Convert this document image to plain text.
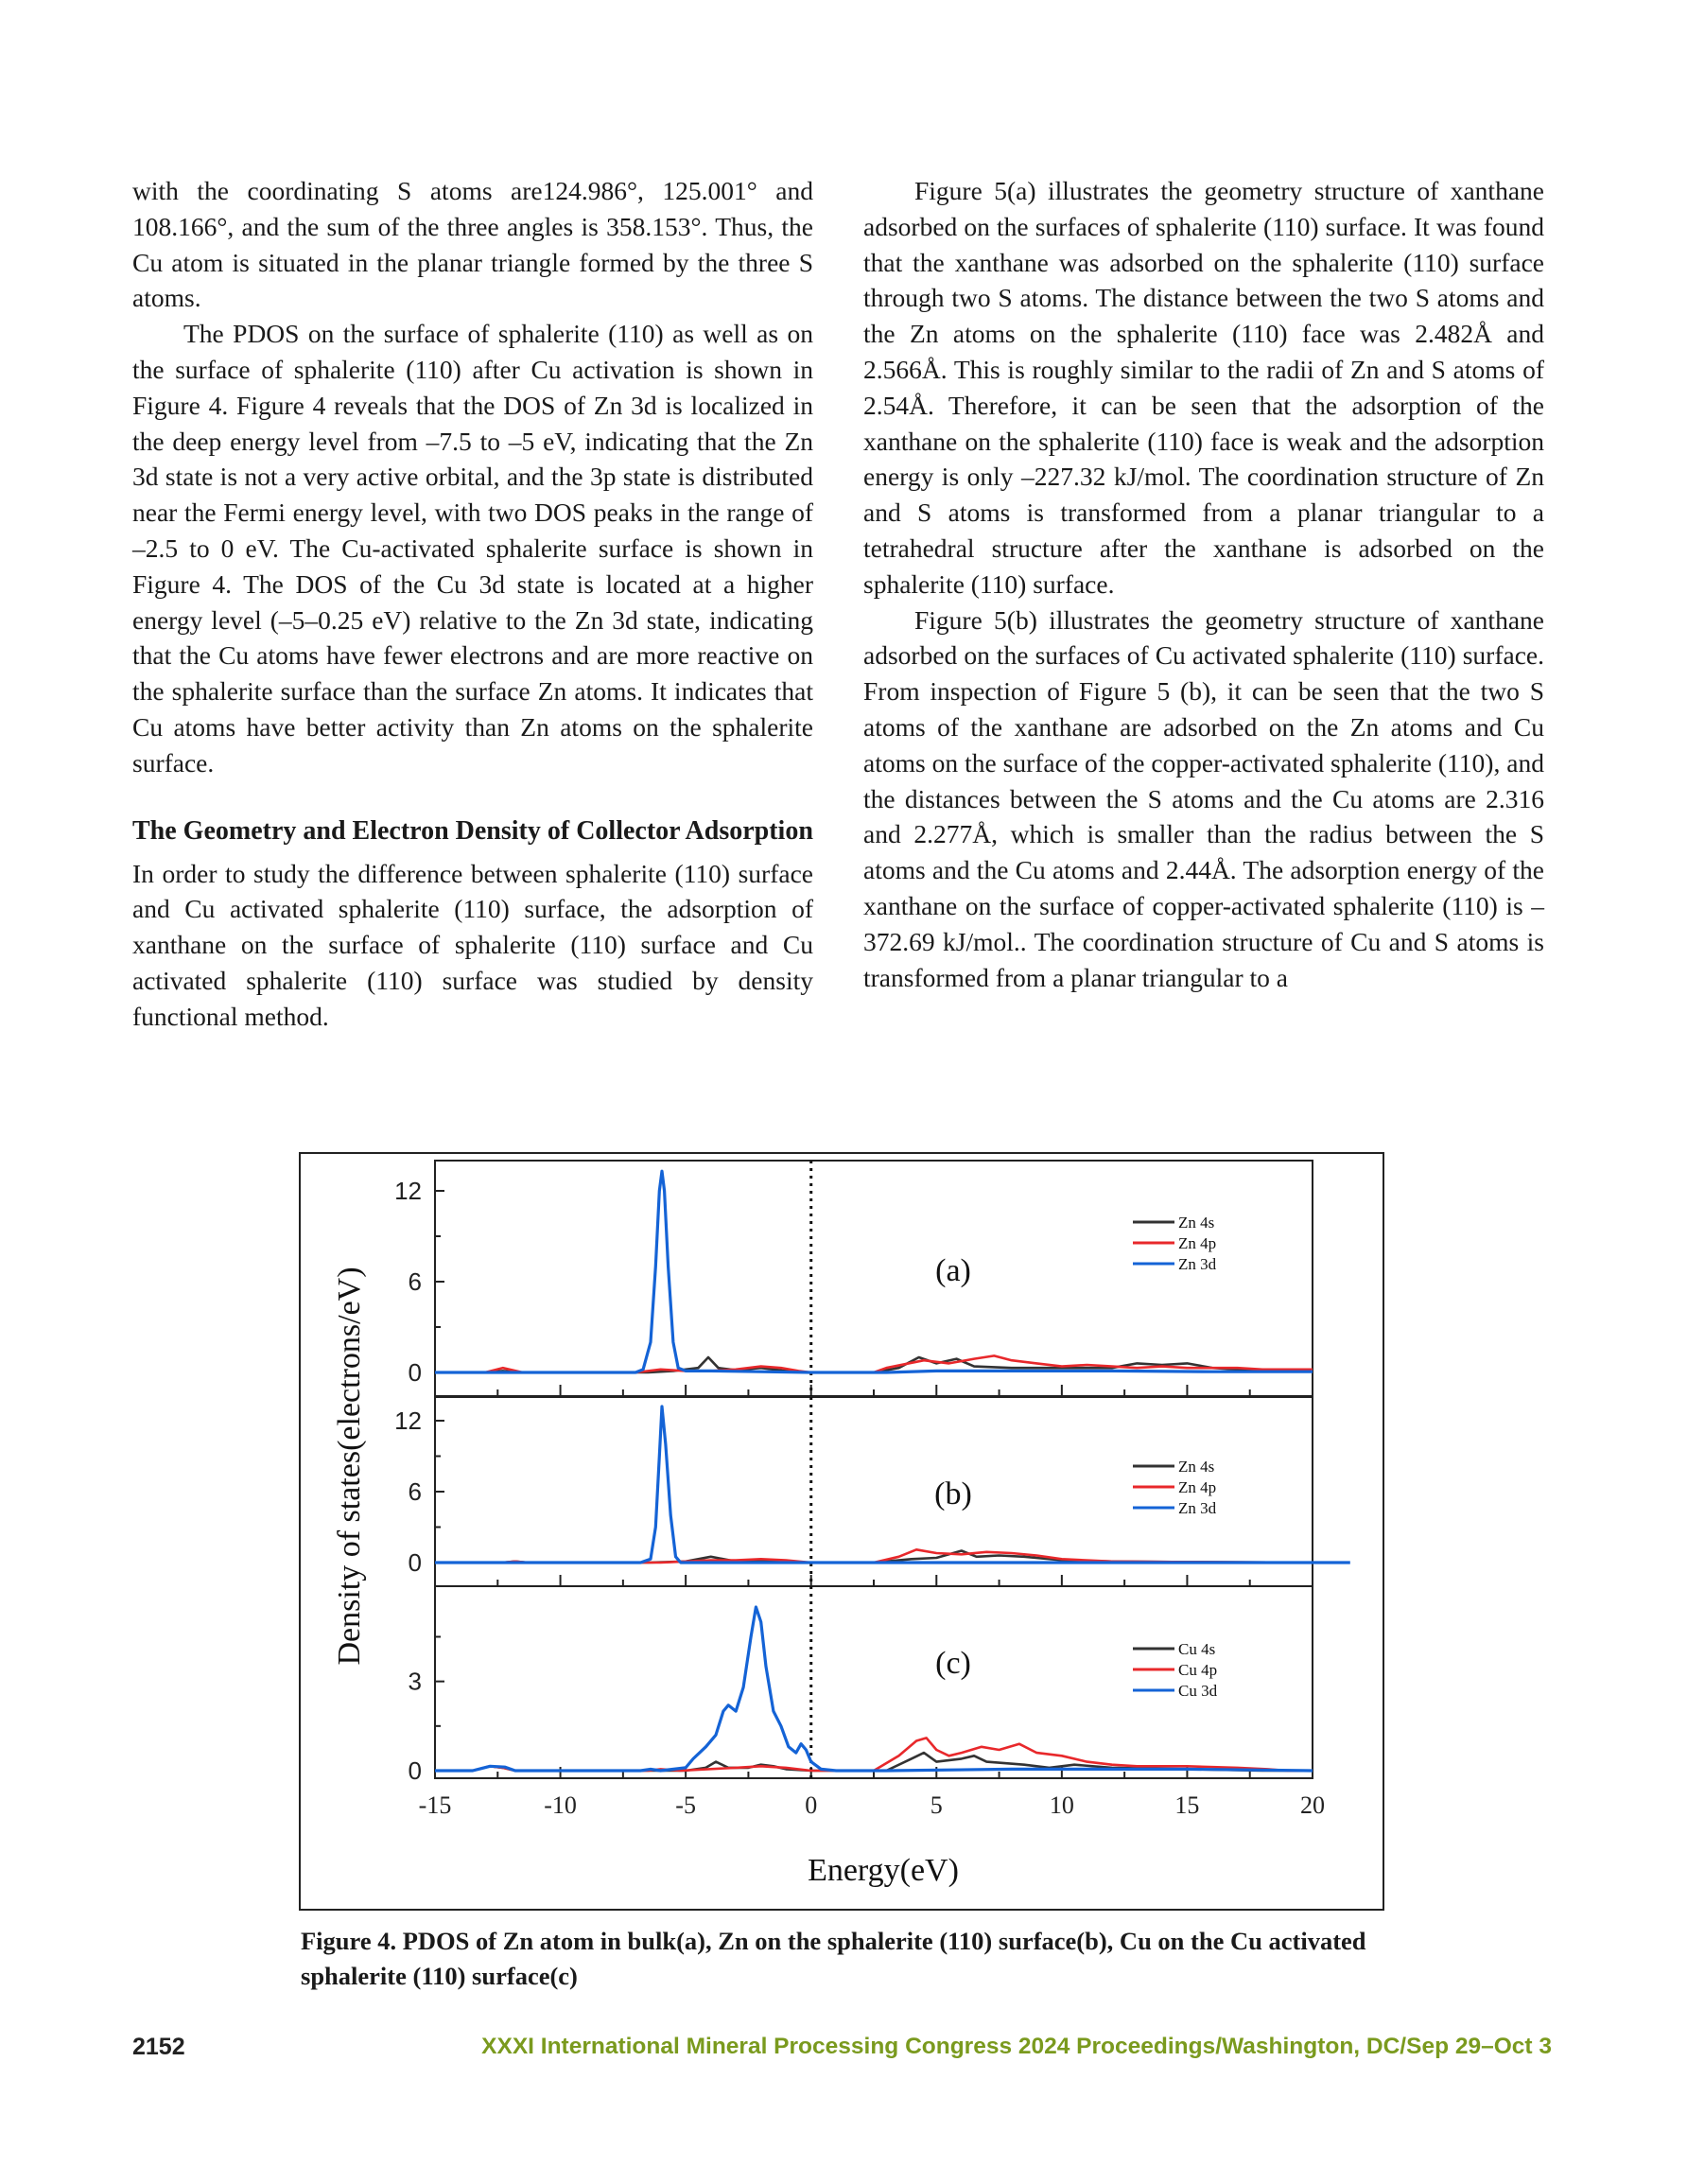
with the coordinating S atoms are124.986°, 125.001° and 108.166°, and the sum of the three angles is 358.153°. Thus, the Cu atom is situated in the planar triangle formed by the three S atoms.

The PDOS on the surface of sphalerite (110) as well as on the surface of sphalerite (110) after Cu activation is shown in Figure 4. Figure 4 reveals that the DOS of Zn 3d is localized in the deep energy level from –7.5 to –5 eV, indicating that the Zn 3d state is not a very active orbital, and the 3p state is distributed near the Fermi energy level, with two DOS peaks in the range of –2.5 to 0 eV. The Cu-activated sphalerite surface is shown in Figure 4. The DOS of the Cu 3d state is located at a higher energy level (–5–0.25 eV) relative to the Zn 3d state, indicating that the Cu atoms have fewer electrons and are more reactive on the sphalerite surface than the surface Zn atoms. It indicates that Cu atoms have better activity than Zn atoms on the sphalerite surface.

The Geometry and Electron Density of Collector Adsorption

In order to study the difference between sphalerite (110) surface and Cu activated sphalerite (110) surface, the adsorption of xanthane on the surface of sphalerite (110) surface and Cu activated sphalerite (110) surface was studied by density functional method.

Figure 5(a) illustrates the geometry structure of xanthane adsorbed on the surfaces of sphalerite (110) surface. It was found that the xanthane was adsorbed on the sphalerite (110) surface through two S atoms. The distance between the two S atoms and the Zn atoms on the sphalerite (110) face was 2.482Å and 2.566Å. This is roughly similar to the radii of Zn and S atoms of 2.54Å. Therefore, it can be seen that the adsorption of the xanthane on the sphalerite (110) face is weak and the adsorption energy is only –227.32 kJ/mol. The coordination structure of Zn and S atoms is transformed from a planar triangular to a tetrahedral structure after the xanthane is adsorbed on the sphalerite (110) surface.

Figure 5(b) illustrates the geometry structure of xanthane adsorbed on the surfaces of Cu activated sphalerite (110) surface. From inspection of Figure 5 (b), it can be seen that the two S atoms of the xanthane are adsorbed on the Zn atoms and Cu atoms on the surface of the copper-activated sphalerite (110), and the distances between the S atoms and the Cu atoms are 2.316 and 2.277Å, which is smaller than the radius between the S atoms and the Cu atoms and 2.44Å. The adsorption energy of the xanthane on the surface of copper-activated sphalerite (110) is –372.69 kJ/mol.. The coordination structure of Cu and S atoms is transformed from a planar triangular to a

0
6
12
(a)
Zn 4s
Zn 4p
Zn 3d
0
6
12
(b)
Zn 4s
Zn 4p
Zn 3d
0
3
(c)	Cu 4s
Cu 4p
Cu 3d
-15	-10	-5	0	5	10	15	20
Energy(eV)
Density of states(electrons/eV)
Figure 4. PDOS of Zn atom in bulk(a), Zn on the sphalerite (110) surface(b), Cu on the Cu activated sphalerite (110) surface(c)
2152	XXXI International Mineral Processing Congress 2024 Proceedings/Washington, DC/Sep 29–Oct 3
